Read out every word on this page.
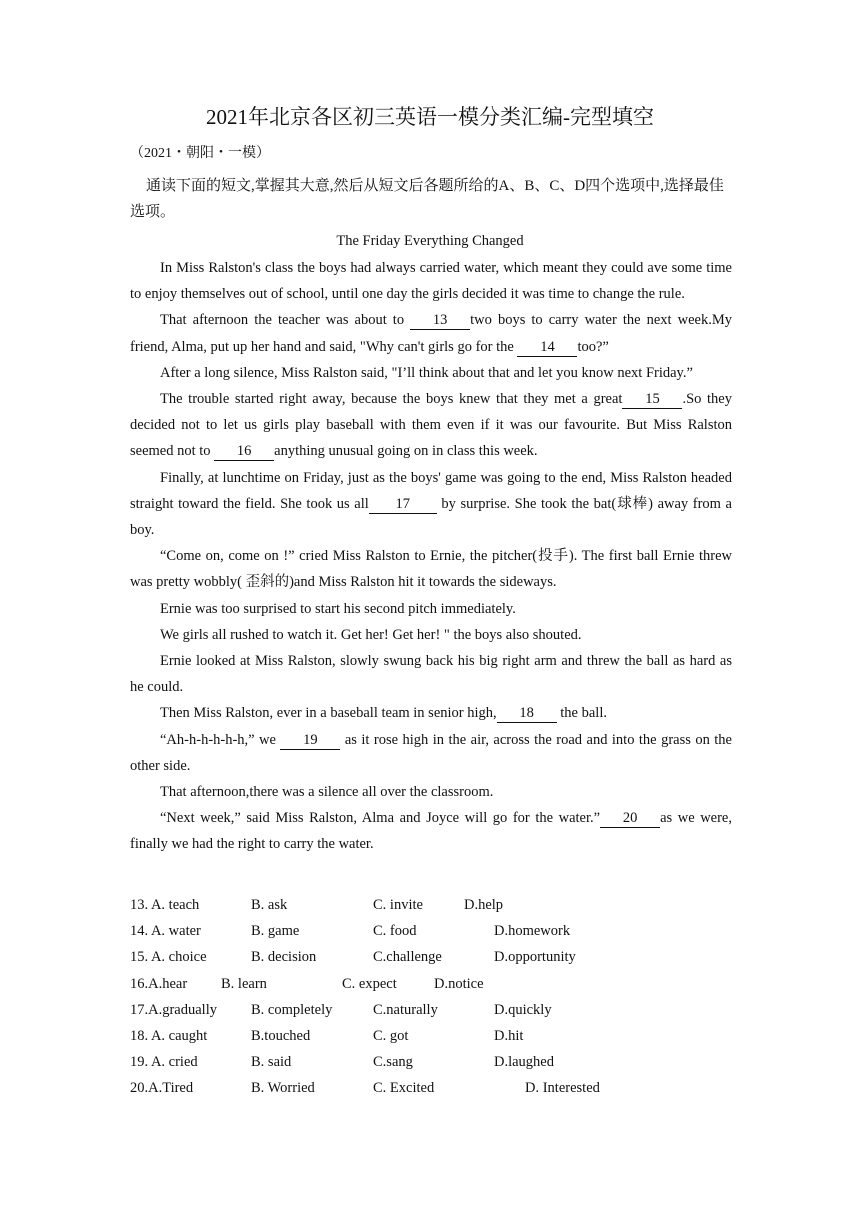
2021年北京各区初三英语一模分类汇编-完型填空
（2021・朝阳・一模）
通读下面的短文,掌握其大意,然后从短文后各题所给的A、B、C、D四个选项中,选择最佳选项。
The Friday Everything Changed

In Miss Ralston's class the boys had always carried water, which meant they could ave some time to enjoy themselves out of school, until one day the girls decided it was time to change the rule.

That afternoon the teacher was about to 13 two boys to carry water the next week.My friend, Alma, put up her hand and said, "Why can't girls go for the 14 too?”

After a long silence, Miss Ralston said, "I’ll think about that and let you know next Friday.”

The trouble started right away, because the boys knew that they met a great 15 .So they decided not to let us girls play baseball with them even if it was our favourite. But Miss Ralston seemed not to 16 anything unusual going on in class this week.

Finally, at lunchtime on Friday, just as the boys' game was going to the end, Miss Ralston headed straight toward the field. She took us all 17 by surprise. She took the bat(球棒) away from a boy.

“Come on, come on !” cried Miss Ralston to Ernie, the pitcher(投手). The first ball Ernie threw was pretty wobbly( 歪斜的)and Miss Ralston hit it towards the sideways.

Ernie was too surprised to start his second pitch immediately.

We girls all rushed to watch it. Get her! Get her! " the boys also shouted.

Ernie looked at Miss Ralston, slowly swung back his big right arm and threw the ball as hard as he could.

Then Miss Ralston, ever in a baseball team in senior high, 18 the ball.

“Ah-h-h-h-h-h,” we 19 as it rose high in the air, across the road and into the grass on the other side.

That afternoon,there was a silence all over the classroom.

“Next week,” said Miss Ralston, Alma and Joyce will go for the water.” 20 as we were, finally we had the right to carry the water.

13. A. teach	B. ask	C. invite	D.help
14. A. water	B. game	C. food	D.homework
15. A. choice	B. decision	C.challenge	D.opportunity
16.A.hear B. learn	C. expect	D.notice
17.A.gradually B. completely	C.naturally	D.quickly
18. A. caught	B.touched	C. got	D.hit
19. A. cried	B. said	C.sang	D.laughed
20.A.Tired	B. Worried	C. Excited	D. Interested
